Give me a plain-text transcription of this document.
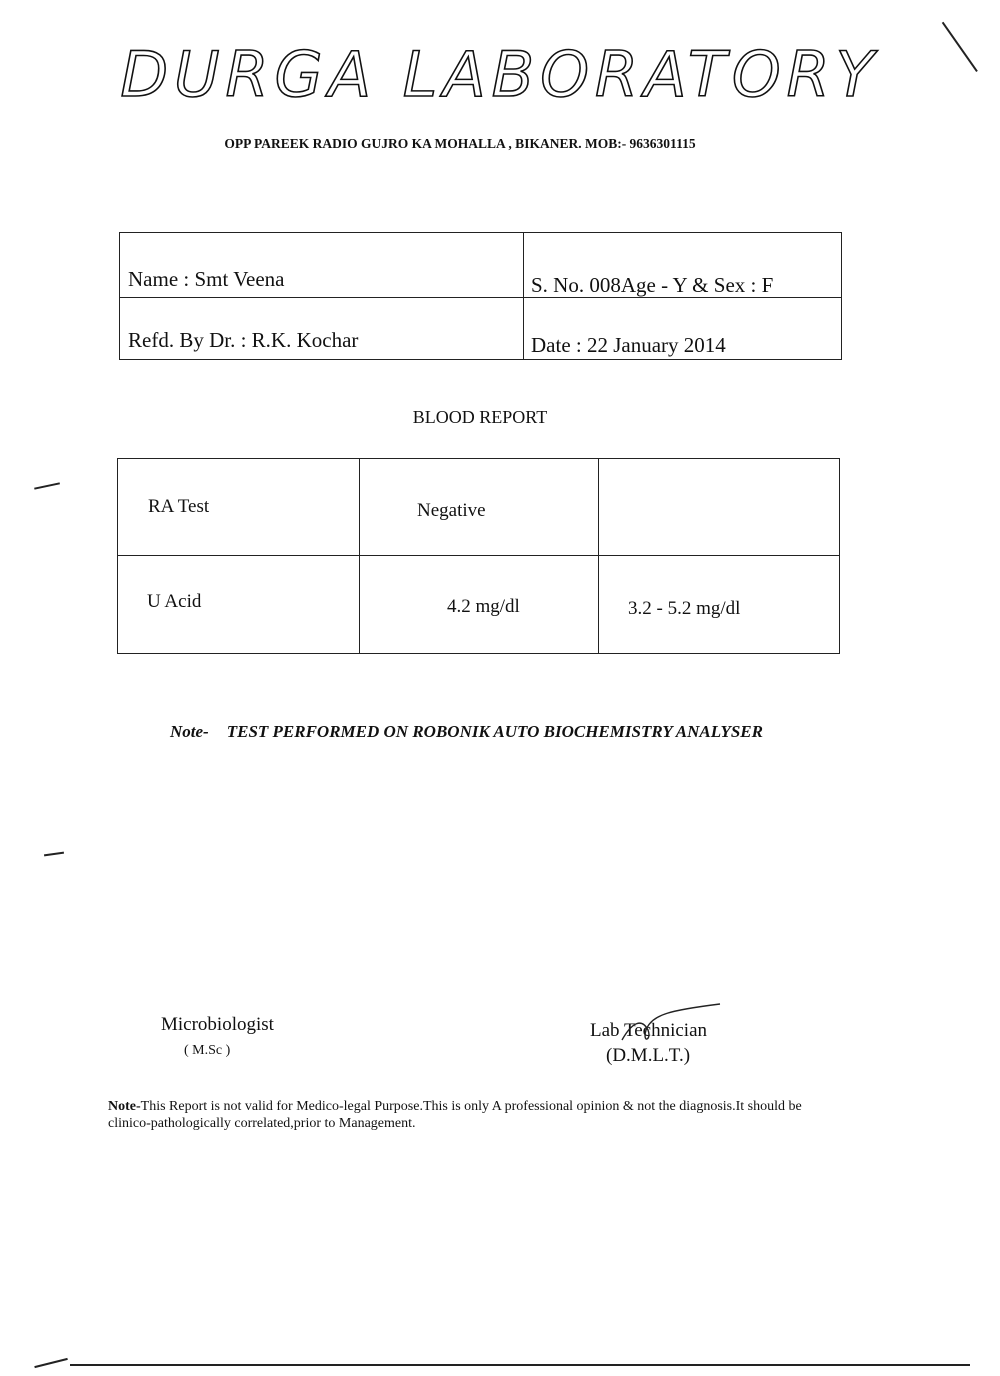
DURGA LABORATORY
OPP PAREEK RADIO GUJRO KA MOHALLA , BIKANER. MOB:- 9636301115
Name : Smt Veena	S. No. 008Age - Y & Sex : F
Refd. By Dr. : R.K. Kochar	Date : 22 January 2014
BLOOD REPORT
RA Test	Negative
U Acid	4.2 mg/dl	3.2 - 5.2 mg/dl
Note- TEST PERFORMED ON ROBONIK AUTO BIOCHEMISTRY ANALYSER
Microbiologist
( M.Sc )
Lab Technician
(D.M.L.T.)
Note-This Report is not valid for Medico-legal Purpose.This is only A professional opinion & not the diagnosis.It should be clinico-pathologically correlated,prior to Management.
